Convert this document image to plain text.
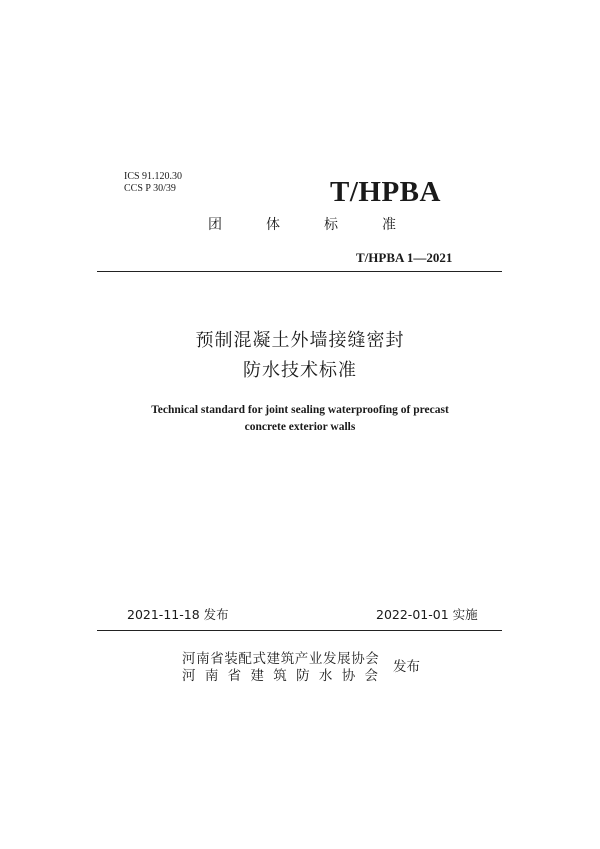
ICS 91.120.30
CCS P 30/39	T/HPBA
团	体	标	准
T/HPBA 1—2021
预制混凝土外墙接缝密封
防水技术标准
Technical standard for joint sealing waterproofing of precast
concrete exterior walls
2021-11-18 发布	2022-01-01 实施
河南省装配式建筑产业发展协会
河 南 省 建 筑 防 水 协 会
发布
